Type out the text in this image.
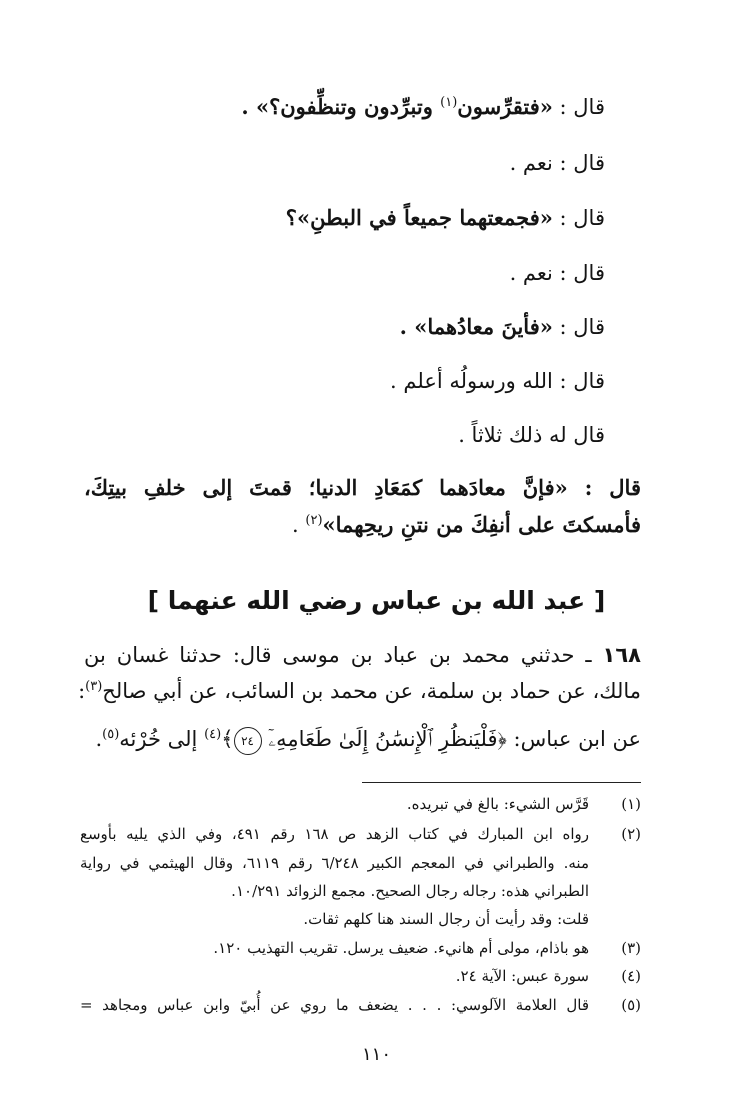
قال : «فتقرِّسون$^{(١)}$ وتبرِّدون وتنظِّفون؟» .
قال : نعم .
قال : «فجمعتهما جميعاً في البطنِ»؟
قال : نعم .
قال : «فأينَ معادُهما» .
قال : الله ورسولُه أعلم .
قال له ذلك ثلاثاً .
قال : «فإنَّ معادَهما كمَعَادِ الدنيا؛ قمتَ إلى خلفِ بيتِكَ،
فأمسكتَ على أنفِكَ من نتنِ ريحِهما»$^{(٢)}$ .
[ عبد الله بن عباس رضي الله عنهما ]
١٦٨ ـ حدثني محمد بن عباد بن موسى قال: حدثنا غسان بن
مالك، عن حماد بن سلمة، عن محمد بن السائب، عن أبي صالح$^{(٣)}$:
عن ابن عباس: ﴿فَلْيَنظُرِ ٱلْإِنسَٰنُ إِلَىٰ طَعَامِهِۦٓ ٢٤﴾$^{(٤)}$ إلى خُرْئه$^{(٥)}$.
(١)
قَرَّس الشيء: بالغ في تبريده.
(٢)
رواه ابن المبارك في كتاب الزهد ص ١٦٨ رقم ٤٩١، وفي الذي يليه بأوسع
منه. والطبراني في المعجم الكبير ٦/٢٤٨ رقم ٦١١٩، وقال الهيثمي في رواية
الطبراني هذه: رجاله رجال الصحيح. مجمع الزوائد ١٠/٢٩١.
قلت: وقد رأيت أن رجال السند هنا كلهم ثقات.
(٣)
هو باذام، مولى أم هانيء. ضعيف يرسل. تقريب التهذيب ١٢٠.
(٤)
سورة عبس: الآية ٢٤.
(٥)
قال العلامة الآلوسي: . . . يضعف ما روي عن أُبيّ وابن عباس ومجاهد =
١١٠
